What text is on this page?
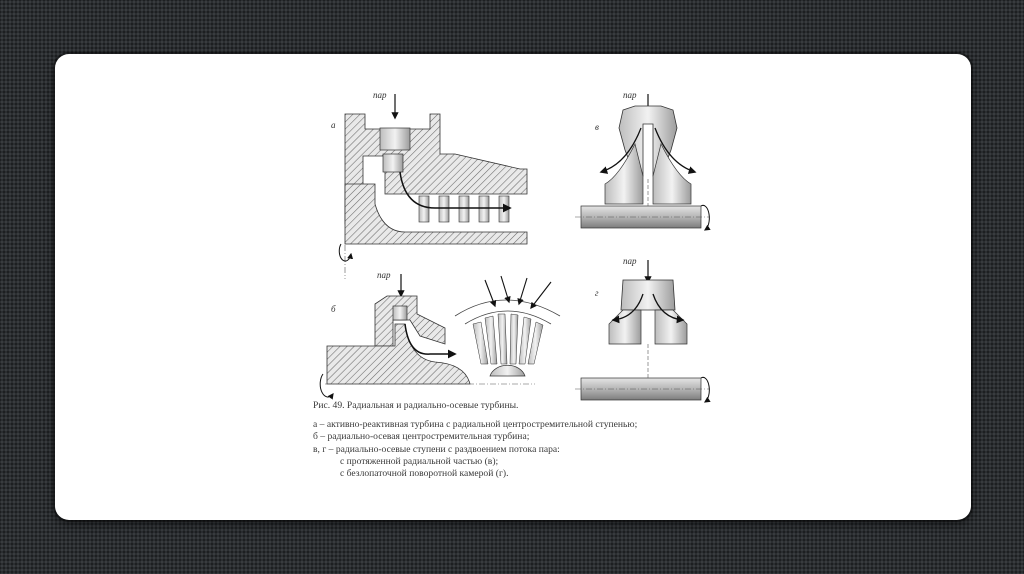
а
пар
б
пар
в
пар
г
пар
Рис. 49. Радиальная и радиально-осевые турбины.
а – активно-реактивная турбина с радиальной центростремительной ступенью;
б – радиально-осевая центростремительная турбина;
в, г – радиально-осевые ступени с раздвоением потока пара:
с протяженной радиальной частью (в);
с безлопаточной поворотной камерой (г).
